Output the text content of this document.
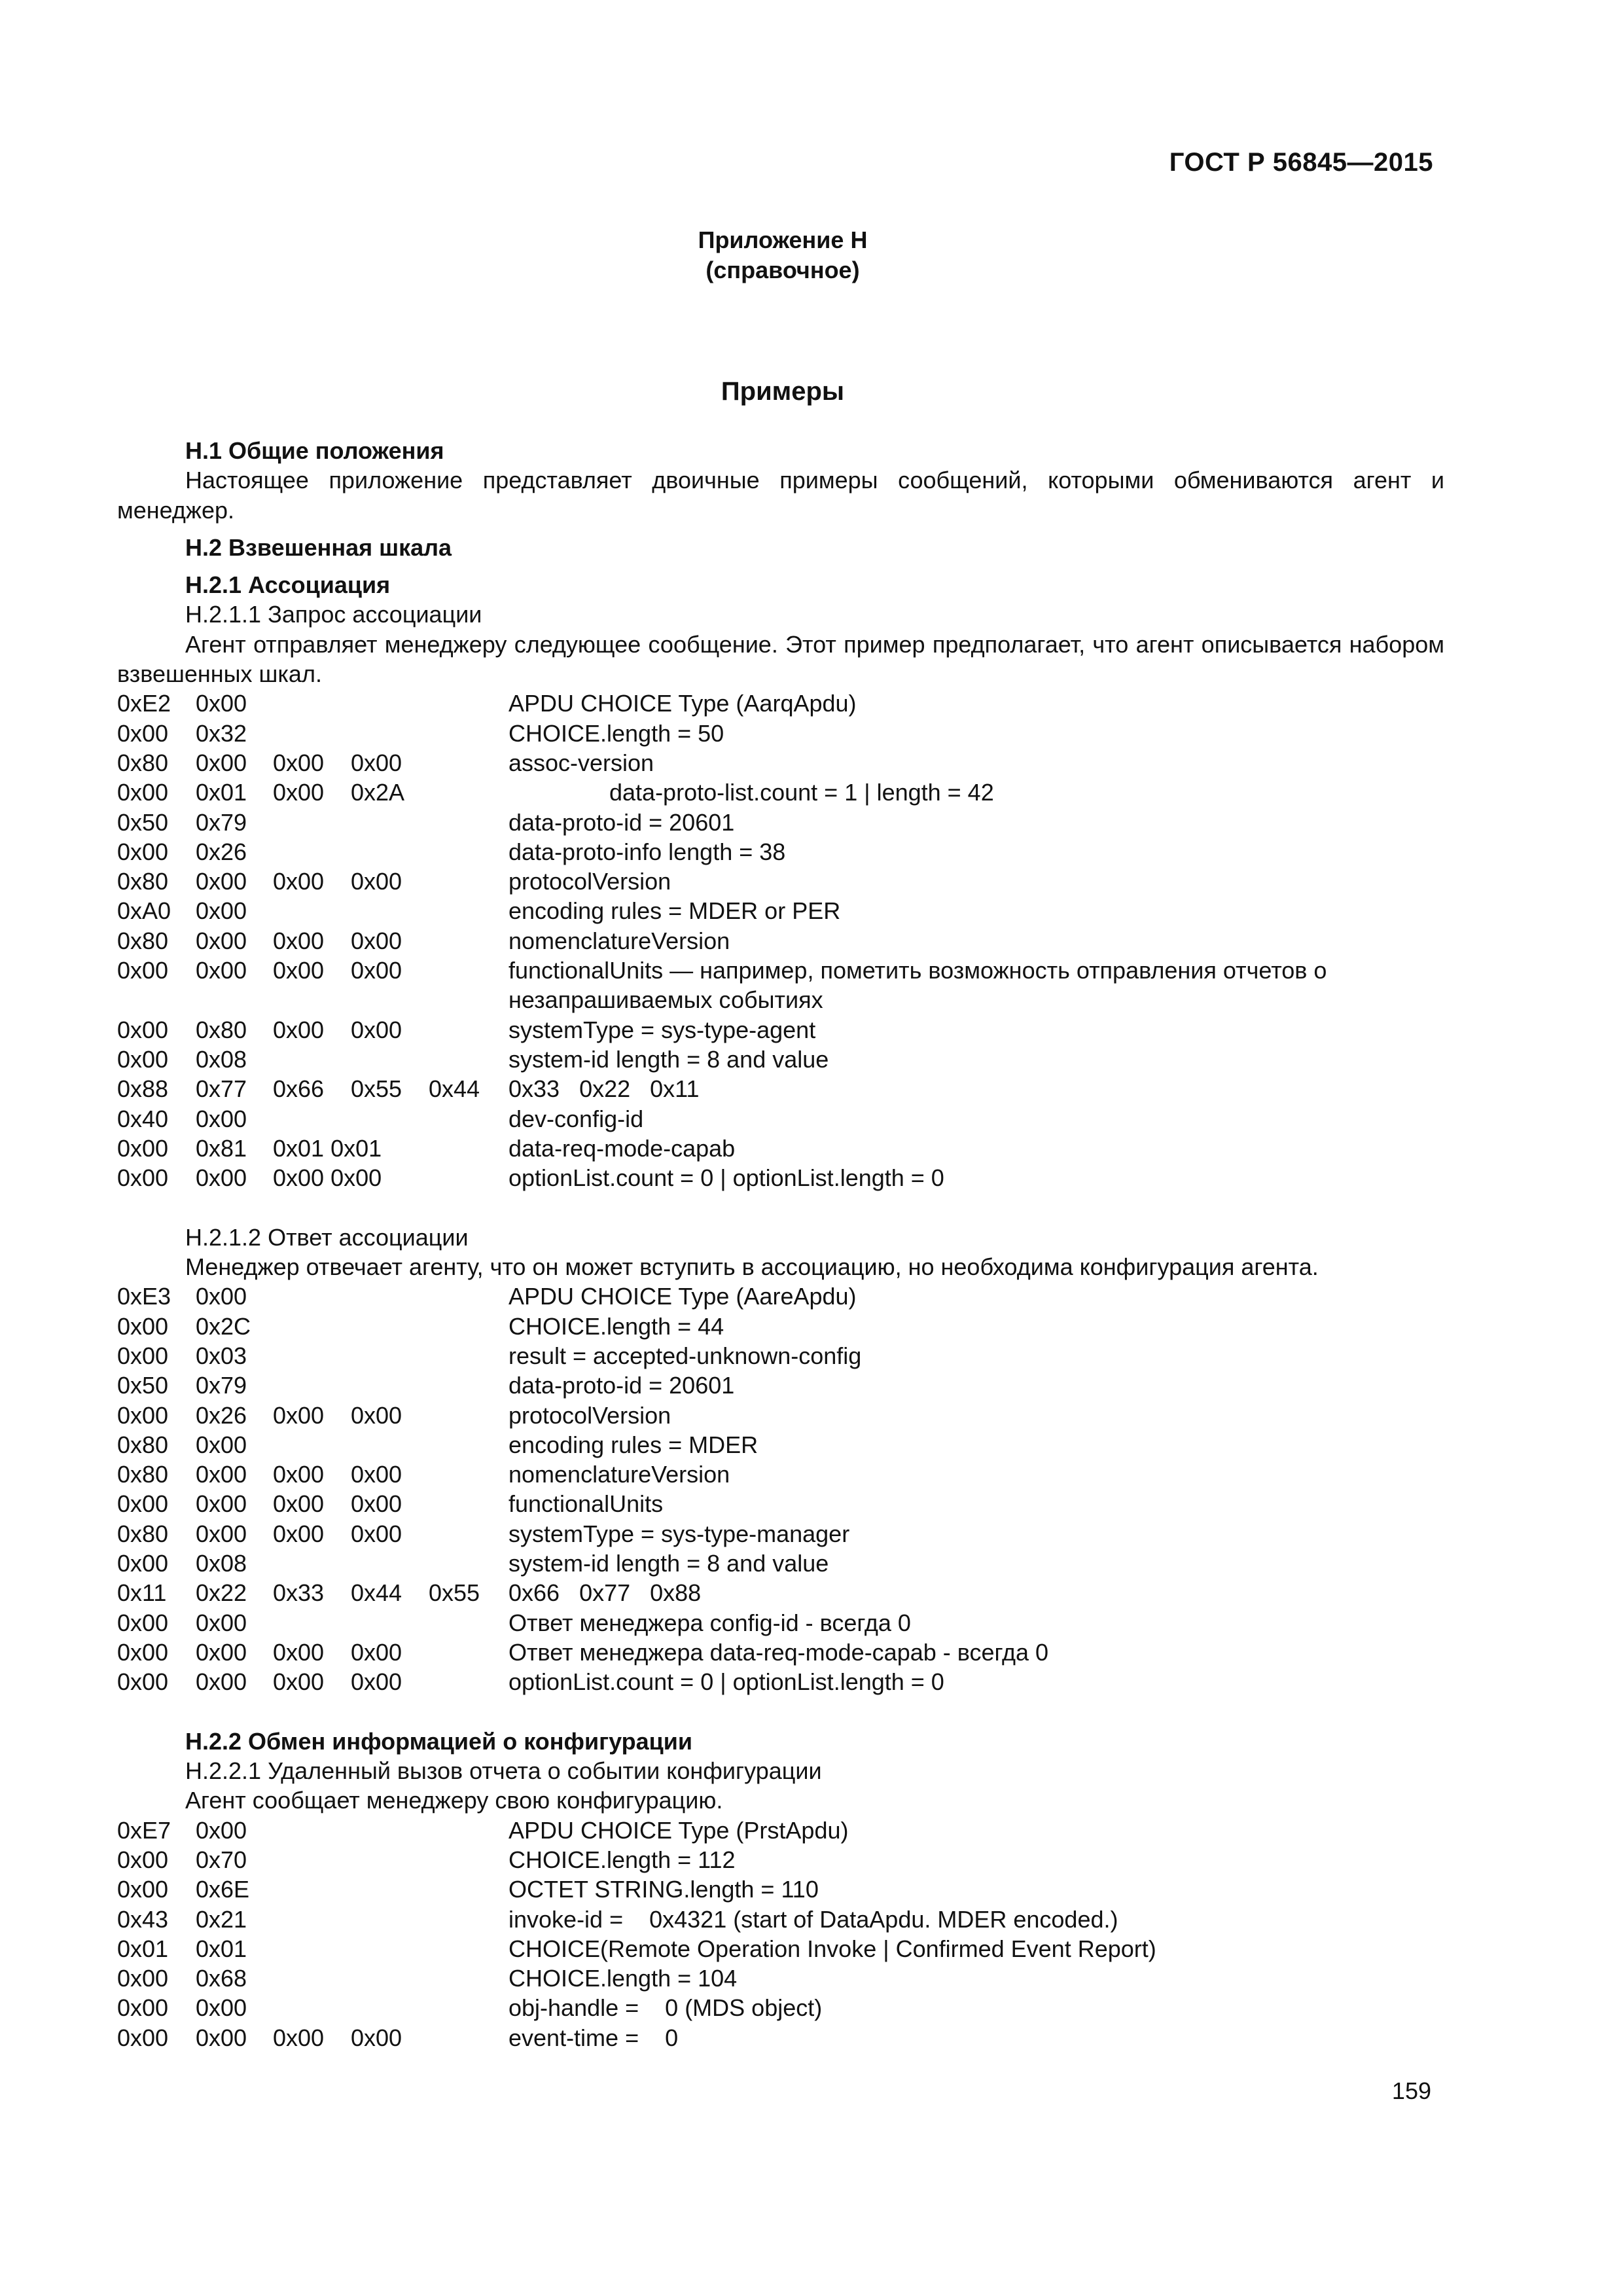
ГОСТ Р 56845—2015
Приложение Н
(справочное)
Примеры
Н.1 Общие положения
Настоящее приложение представляет двоичные примеры сообщений, которыми обмениваются агент и менеджер.
Н.2 Взвешенная шкала
Н.2.1 Ассоциация
Н.2.1.1 Запрос ассоциации
Агент отправляет менеджеру следующее сообщение. Этот пример предполагает, что агент описывается набором взвешенных шкал.
0xE2 0x00	APDU CHOICE Type (AarqApdu)
0x00 0x32	CHOICE.length = 50
0x80 0x00 0x00 0x00	assoc-version
0x00 0x01 0x00 0x2A	data-proto-list.count = 1 | length = 42
0x50 0x79	data-proto-id = 20601
0x00 0x26	data-proto-info length = 38
0x80 0x00 0x00 0x00	protocolVersion
0xA0 0x00	encoding rules = MDER or PER
0x80 0x00 0x00 0x00	nomenclatureVersion
0x00 0x00 0x00 0x00	functionalUnits — например, пометить возможность отправления отчетов о незапрашиваемых событиях
0x00 0x80 0x00 0x00	systemType = sys-type-agent
0x00 0x08	system-id length = 8 and value
0x88 0x77 0x66 0x55 0x44 0x33   0x22   0x11
0x40 0x00	dev-config-id
0x00 0x81 0x01 0x01	data-req-mode-capab
0x00 0x00 0x00 0x00	optionList.count = 0 | optionList.length = 0
Н.2.1.2 Ответ ассоциации
Менеджер отвечает агенту, что он может вступить в ассоциацию, но необходима конфигурация агента.
0xE3 0x00	APDU CHOICE Type (AareApdu)
0x00 0x2C	CHOICE.length = 44
0x00 0x03	result = accepted-unknown-config
0x50 0x79	data-proto-id = 20601
0x00 0x26 0x00 0x00	protocolVersion
0x80 0x00	encoding rules = MDER
0x80 0x00 0x00 0x00	nomenclatureVersion
0x00 0x00 0x00 0x00	functionalUnits
0x80 0x00 0x00 0x00	systemType = sys-type-manager
0x00 0x08	system-id length = 8 and value
0x11 0x22 0x33 0x44 0x55 0x66   0x77   0x88
0x00 0x00	Ответ менеджера config-id - всегда 0
0x00 0x00 0x00 0x00	Ответ менеджера data-req-mode-capab - всегда 0
0x00 0x00 0x00 0x00	optionList.count = 0 | optionList.length = 0
Н.2.2 Обмен информацией о конфигурации
Н.2.2.1 Удаленный вызов отчета о событии конфигурации
Агент сообщает менеджеру свою конфигурацию.
0xE7 0x00	APDU CHOICE Type (PrstApdu)
0x00 0x70	CHOICE.length = 112
0x00 0x6E	OCTET STRING.length = 110
0x43 0x21	invoke-id =    0x4321 (start of DataApdu. MDER encoded.)
0x01 0x01	CHOICE(Remote Operation Invoke | Confirmed Event Report)
0x00 0x68	CHOICE.length = 104
0x00 0x00	obj-handle =    0 (MDS object)
0x00 0x00 0x00 0x00	event-time =    0
159
